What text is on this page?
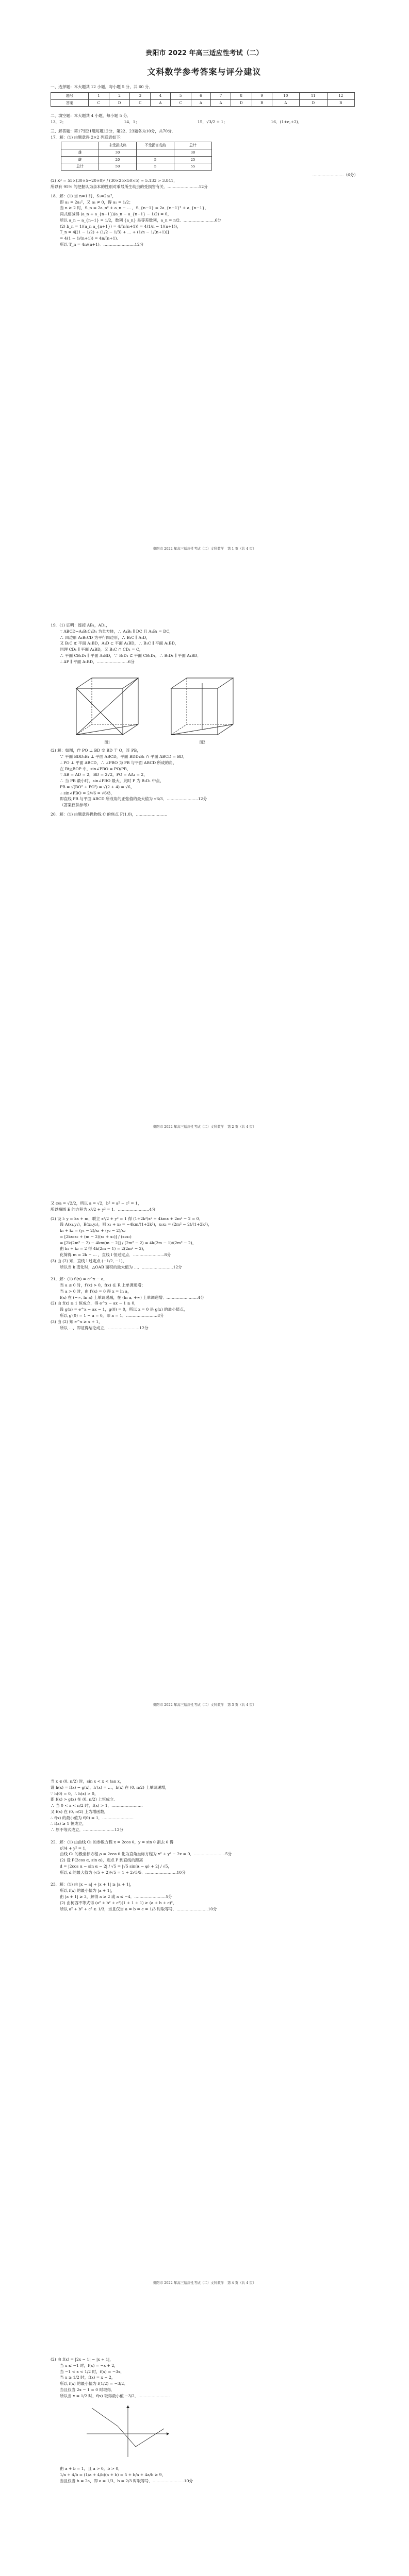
贵阳市 2022 年高三适应性考试（二）
文科数学参考答案与评分建议
一、选择题：本大题共 12 小题，每小题 5 分，共 60 分．
题号	1	2	3	4	5	6	7	8	9	10	11	12
答案	C	D	C	A	C	A	A	D	B	A	D	B
二、填空题：本大题共 4 小题，每小题 5 分．
13．2；	14．1；	15．√3/2 + 1；	16．(1+e,+2)．
三、解答题：第17至21题每题12分，第22、23题各为10分，共70分．
17．解：(1) 由题意得 2×2 列联表如下：
	未受损成熟	不受损害成熟	总计
雄	30		30
雌	20	5	25
总计	50	5	55
……………………（6分）
(2) K² = 55×(30×5−20×0)² / (30×25×50×5) ≈ 5.133 > 3.841，
所以有 95% 的把握认为亲本的性别对乘号所生幼虫的受损害有关．……………………12分
18．解：(1) 当 n=1 时，S₁=2a₁²，
即 a₁ = 2a₁²，又 a₁ ≠ 0，得 a₁ = 1/2；
当 n ≥ 2 时，S_n = 2a_n² + a_n − ... ，S_{n−1} = 2a_{n−1}² + a_{n−1}，
两式相减得 (a_n + a_{n−1})(a_n − a_{n−1} − 1/2) = 0，
所以 a_n − a_{n−1} = 1/2，数列 {a_n} 是等差数列，a_n = n/2．……………………6分
(2) b_n = 1/(a_n a_{n+1}) = 4/(n(n+1)) = 4(1/n − 1/(n+1))，
T_n = 4[(1 − 1/2) + (1/2 − 1/3) + … + (1/n − 1/(n+1))]
= 4(1 − 1/(n+1)) = 4n/(n+1)．
所以 T_n = 4n/(n+1)．……………………12分
贵阳市 2022 年高三适应性考试（二）文科数学　第 1 页（共 4 页）
19．(1) 证明：连接 AB₁，AD₁，
∵ ABCD−A₁B₁C₁D₁ 为长方体，∴ A₁B₁ ∥ DC 且 A₁B₁ = DC，
∴ 四边形 A₁B₁CD 为平行四边形，∴ B₁C ∥ A₁D，
又 B₁C ⊄ 平面 A₁BD，A₁D ⊂ 平面 A₁BD，∴ B₁C ∥ 平面 A₁BD，
同理 CD₁ ∥ 平面 A₁BD，又 B₁C ∩ CD₁ = C，
∴ 平面 CB₁D₁ ∥ 平面 A₁BD，∵ B₁D₁ ⊂ 平面 CB₁D₁，∴ B₁D₁ ∥ 平面 A₁BD．
∴ AP ∥ 平面 A₁BD，……………………6分
图1
	图2
(2) 解：如图，作 PO ⊥ BD 交 BD 于 O，连 PB，
∵ 平面 BDD₁B₁ ⊥ 平面 ABCD，平面 BDD₁B₁ ∩ 平面 ABCD = BD，
∴ PO ⊥ 平面 ABCD，∴ ∠PBO 为 PB 与平面 ABCD 所成的角，
在 Rt△BOP 中，sin∠PBO = PO/PB，
∵ AB = AD = 2，BD = 2√2，PO = AA₁ = 2，
∴ 当 PB 最小时，sin∠PBO 最大，此时 P 为 B₁D₁ 中点，
PB = √(BO² + PO²) = √(2 + 4) = √6，
∴ sin∠PBO = 2/√6 = √6/3，
即直线 PB 与平面 ABCD 所成角的正弦值的最大值为 √6/3．……………………12分
（答案仅供参考）
20．解：(1) 由题意得抛物线 C 的焦点 F(1,0)，……………………
贵阳市 2022 年高三适应性考试（二）文科数学　第 2 页（共 4 页）
又 c/a = √2/2，所以 a = √2，b² = a² − c² = 1，
所以椭圆 E 的方程为 x²/2 + y² = 1．……………………4分
(2) 设 l: y = kx + m，联立 x²/2 + y² = 1 得 (1+2k²)x² + 4kmx + 2m² − 2 = 0．
设 A(x₁,y₁)，B(x₂,y₂)，则 x₁ + x₂ = −4km/(1+2k²)，x₁x₂ = (2m² − 2)/(1+2k²)，
k₁ + k₂ = (y₁ − 2)/x₁ + (y₂ − 2)/x₂
= [2kx₁x₂ + (m − 2)(x₁ + x₂)] / (x₁x₂)
= [2k(2m² − 2) − 4km(m − 2)] / (2m² − 2) = 4k(2m − 1)/(2m² − 2)，
由 k₁ + k₂ = 2 得 4k(2m − 1) = 2(2m² − 2)，
化简得 m = 2k − ... ，直线 l 恒过定点．……………………8分
(3) 由 (2) 知，直线 l 过定点 (−1/2, −1)，
所以当 k 变化时，△OAB 面积的最大值为 …．……………………12分
21．解：(1) f′(x) = e^x − a，
当 a ≤ 0 时，f′(x) > 0，f(x) 在 R 上单调递增；
当 a > 0 时，由 f′(x) = 0 得 x = ln a，
f(x) 在 (−∞, ln a) 上单调递减，在 (ln a, +∞) 上单调递增．……………………4分
(2) 由 f(x) ≥ 1 恒成立，得 e^x − ax − 1 ≥ 0，
设 g(x) = e^x − ax − 1，g(0) = 0，所以 x = 0 是 g(x) 的最小值点，
所以 g′(0) = 1 − a = 0，即 a = 1．……………………8分
(3) 由 (2) 知 e^x ≥ x + 1，
所以 …，即证得结论成立．……………………12分
贵阳市 2022 年高三适应性考试（二）文科数学　第 3 页（共 4 页）
当 x ∈ (0, π/2) 时，sin x < x < tan x，
设 h(x) = f(x) − g(x)，h′(x) = …，h(x) 在 (0, π/2) 上单调递增，
∵ h(0) = 0，∴ h(x) > 0，
即 f(x) > g(x) 在 (0, π/2) 上恒成立．
∴ 当 0 < x < π/2 时，f(x) > 1，……………………
又 f(x) 在 (0, π/2) 上为增函数，
∴ f(x) 的最小值为 f(0) = 1．……………………
∴ f(x) ≥ 1 恒成立，
∴ 原不等式成立．……………………12分
22．解：(1) 由曲线 C₁ 的参数方程 x = 2cos θ，y = sin θ 消去 θ 得
x²/4 + y² = 1，
曲线 C₂ 的极坐标方程 ρ = 2cos θ 化为直角坐标方程为 x² + y² − 2x = 0．……………………5分
(2) 设 P(2cos α, sin α)，则点 P 到直线的距离
d = |2cos α − sin α − 2| / √5 = |√5 sin(α − φ) + 2| / √5，
所以 d 的最大值为 (√5 + 2)/√5 = 1 + 2√5/5．……………………10分
23．解：(1) 由 |x − a| + |x + 1| ≥ |a + 1|，
所以 f(x) 的最小值为 |a + 1|，
由 |a + 1| ≥ 3，解得 a ≥ 2 或 a ≤ −4．……………………5分
(2) 由柯西不等式得 (a² + b² + c²)(1 + 1 + 1) ≥ (a + b + c)²，
所以 a² + b² + c² ≥ 1/3，当且仅当 a = b = c = 1/3 时取等号．……………………10分
贵阳市 2022 年高三适应性考试（二）文科数学　第 4 页（共 4 页）
(2) 由 f(x) = |2x − 1| − |x + 1|，
当 x ≤ −1 时，f(x) = −x + 2，
当 −1 < x < 1/2 时，f(x) = −3x，
当 x ≥ 1/2 时，f(x) = x − 2，
所以 f(x) 的最小值为 f(1/2) = −3/2．
当且仅当 2x − 1 = 0 时取得．
所以当 x = 1/2 时，f(x) 取得最小值 −3/2．……………………
由 a + b = 1，且 a > 0，b > 0，
1/a + 4/b = (1/a + 4/b)(a + b) = 5 + b/a + 4a/b ≥ 9，
当且仅当 b = 2a，即 a = 1/3，b = 2/3 时取等号．……………………10分
